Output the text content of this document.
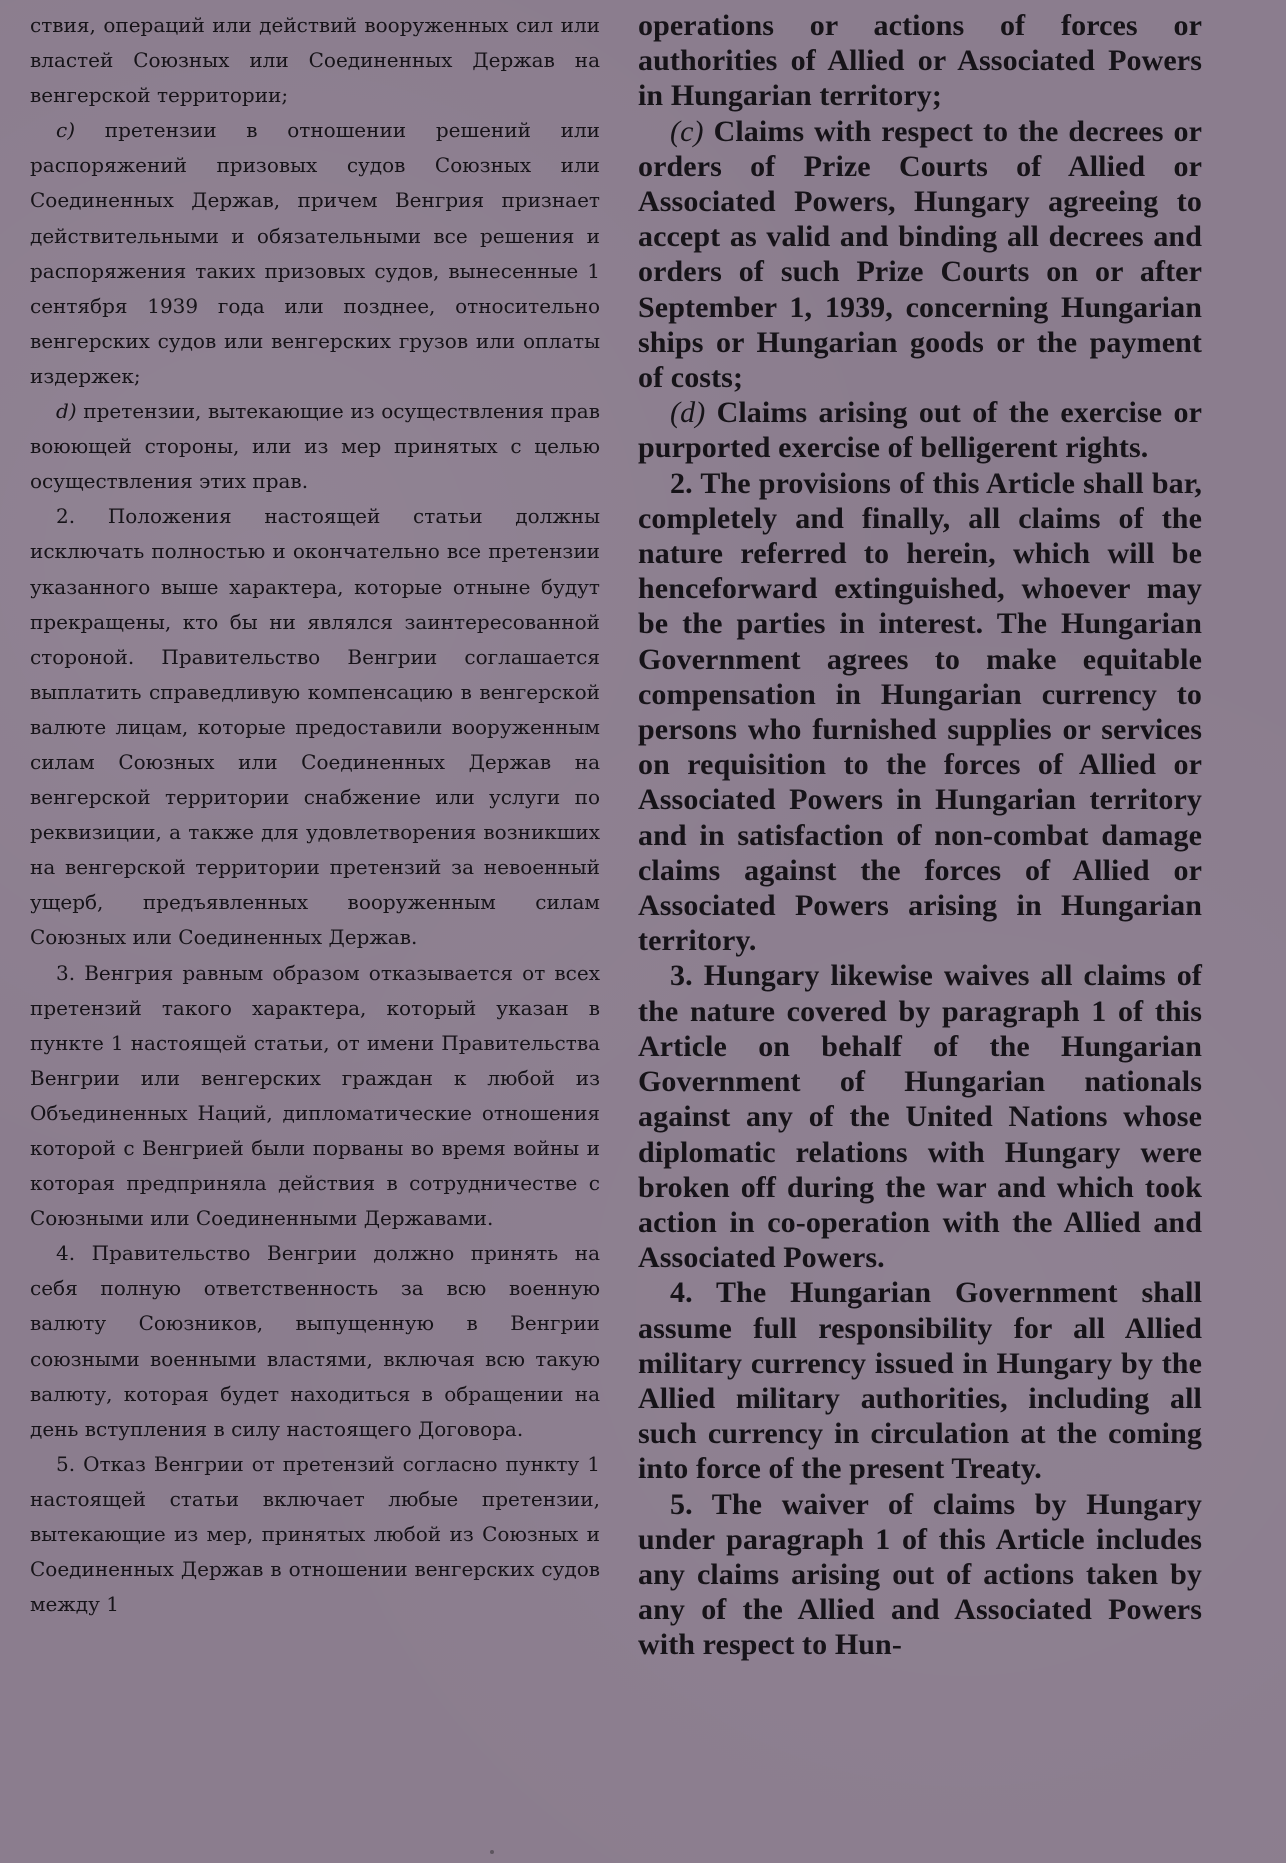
ствия, операций или действий вооруженных сил или властей Союзных или Соединенных Держав на венгерской территории;

c) претензии в отношении решений или распоряжений призовых судов Союзных или Соединенных Держав, причем Венгрия признает действительными и обязательными все решения и распоряжения таких призовых судов, вынесенные 1 сентября 1939 года или позднее, относительно венгерских судов или венгерских грузов или оплаты издержек;

d) претензии, вытекающие из осуществления прав воюющей стороны, или из мер принятых с целью осуществления этих прав.

2. Положения настоящей статьи должны исключать полностью и окончательно все претензии указанного выше характера, которые отныне будут прекращены, кто бы ни являлся заинтересованной стороной. Правительство Венгрии соглашается выплатить справедливую компенсацию в венгерской валюте лицам, которые предоставили вооруженным силам Союзных или Соединенных Держав на венгерской территории снабжение или услуги по реквизиции, а также для удовлетворения возникших на венгерской территории претензий за невоенный ущерб, предъявленных вооруженным силам Союзных или Соединенных Держав.

3. Венгрия равным образом отказывается от всех претензий такого характера, который указан в пункте 1 настоящей статьи, от имени Правительства Венгрии или венгерских граждан к любой из Объединенных Наций, дипломатические отношения которой с Венгрией были порваны во время войны и которая предприняла действия в сотрудничестве с Союзными или Соединенными Державами.

4. Правительство Венгрии должно принять на себя полную ответственность за всю военную валюту Союзников, выпущенную в Венгрии союзными военными властями, включая всю такую валюту, которая будет находиться в обращении на день вступления в силу настоящего Договора.

5. Отказ Венгрии от претензий согласно пункту 1 настоящей статьи включает любые претензии, вытекающие из мер, принятых любой из Союзных и Соединенных Держав в отношении венгерских судов между 1

operations or actions of forces or authorities of Allied or Associated Powers in Hungarian territory;

(c) Claims with respect to the decrees or orders of Prize Courts of Allied or Associated Powers, Hungary agreeing to accept as valid and binding all decrees and orders of such Prize Courts on or after September 1, 1939, concerning Hungarian ships or Hungarian goods or the payment of costs;

(d) Claims arising out of the exercise or purported exercise of belligerent rights.

2. The provisions of this Article shall bar, completely and finally, all claims of the nature referred to herein, which will be henceforward extinguished, whoever may be the parties in interest. The Hungarian Government agrees to make equitable compensation in Hungarian currency to persons who furnished supplies or services on requisition to the forces of Allied or Associated Powers in Hungarian territory and in satisfaction of non-combat damage claims against the forces of Allied or Associated Powers arising in Hungarian territory.

3. Hungary likewise waives all claims of the nature covered by paragraph 1 of this Article on behalf of the Hungarian Government of Hungarian nationals against any of the United Nations whose diplomatic relations with Hungary were broken off during the war and which took action in co-operation with the Allied and Associated Powers.

4. The Hungarian Government shall assume full responsibility for all Allied military currency issued in Hungary by the Allied military authorities, including all such currency in circulation at the coming into force of the present Treaty.

5. The waiver of claims by Hungary under paragraph 1 of this Article includes any claims arising out of actions taken by any of the Allied and Associated Powers with respect to Hun-
